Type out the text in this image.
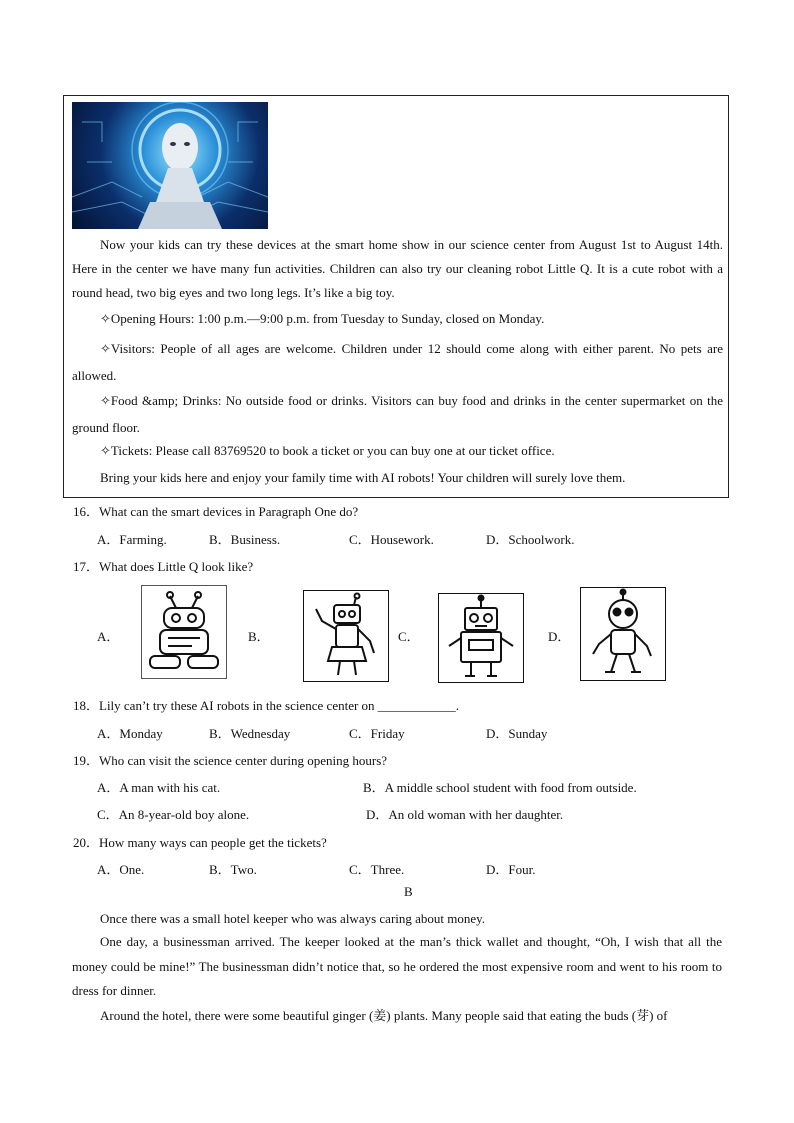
Now your kids can try these devices at the smart home show in our science center from August 1st to August 14th. Here in the center we have many fun activities. Children can also try our cleaning robot Little Q. It is a cute robot with a round head, two big eyes and two long legs. It’s like a big toy.
✧Opening Hours: 1:00 p.m.—9:00 p.m. from Tuesday to Sunday, closed on Monday.
✧Visitors: People of all ages are welcome. Children under 12 should come along with either parent. No pets are allowed.
✧Food &amp; Drinks: No outside food or drinks. Visitors can buy food and drinks in the center supermarket on the ground floor.
✧Tickets: Please call 83769520 to book a ticket or you can buy one at our ticket office.
Bring your kids here and enjoy your family time with AI robots! Your children will surely love them.
16．What can the smart devices in Paragraph One do?
A．Farming.	B．Business.	C．Housework.	D．Schoolwork.
17．What does Little Q look like?
A．	B．	C．	D．
18．Lily can’t try these AI robots in the science center on ____________.
A．Monday	B．Wednesday	C．Friday	D．Sunday
19．Who can visit the science center during opening hours?
A．A man with his cat.	B．A middle school student with food from outside.
C．An 8-year-old boy alone.	D．An old woman with her daughter.
20．How many ways can people get the tickets?
A．One.	B．Two.	C．Three.	D．Four.
B
Once there was a small hotel keeper who was always caring about money.
One day, a businessman arrived. The keeper looked at the man’s thick wallet and thought, “Oh, I wish that all the money could be mine!” The businessman didn’t notice that, so he ordered the most expensive room and went to his room to dress for dinner.
Around the hotel, there were some beautiful ginger (姜) plants. Many people said that eating the buds (芽) of
